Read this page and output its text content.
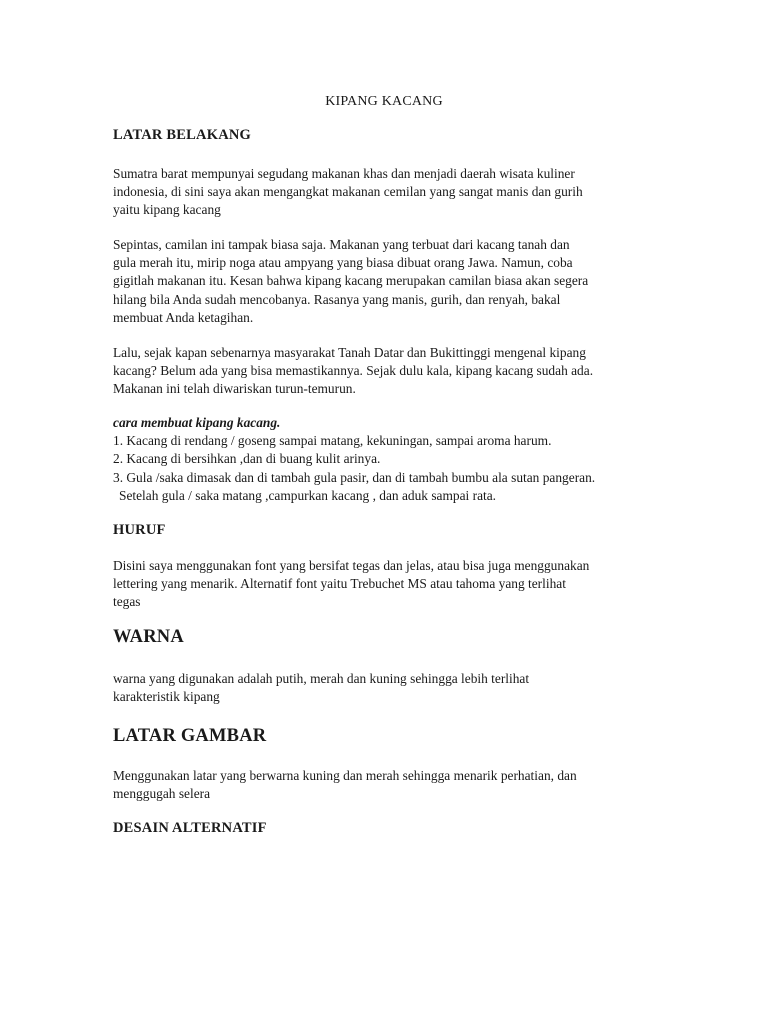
KIPANG KACANG
LATAR BELAKANG
Sumatra barat mempunyai segudang makanan khas dan menjadi daerah wisata kuliner
indonesia, di sini saya akan mengangkat makanan cemilan yang sangat manis dan gurih
yaitu kipang kacang
Sepintas, camilan ini tampak biasa saja. Makanan yang terbuat dari kacang tanah dan
gula merah itu, mirip noga atau ampyang yang biasa dibuat orang Jawa. Namun, coba
gigitlah makanan itu. Kesan bahwa kipang kacang merupakan camilan biasa akan segera
hilang bila Anda sudah mencobanya. Rasanya yang manis, gurih, dan renyah, bakal
membuat Anda ketagihan.
Lalu, sejak kapan sebenarnya masyarakat Tanah Datar dan Bukittinggi mengenal kipang
kacang? Belum ada yang bisa memastikannya. Sejak dulu kala, kipang kacang sudah ada.
Makanan ini telah diwariskan turun-temurun.
cara membuat kipang kacang.
1. Kacang di rendang / goseng sampai matang, kekuningan, sampai aroma harum.
2. Kacang di bersihkan ,dan di buang kulit arinya.
3. Gula /saka dimasak dan di tambah gula pasir, dan di tambah bumbu ala sutan pangeran.
Setelah gula / saka matang ,campurkan kacang , dan aduk sampai rata.
HURUF
Disini saya menggunakan font yang bersifat tegas dan jelas, atau bisa juga menggunakan
lettering yang menarik. Alternatif font yaitu Trebuchet MS atau tahoma yang terlihat
tegas
WARNA
warna yang digunakan adalah putih, merah dan kuning sehingga lebih terlihat
karakteristik kipang
LATAR GAMBAR
Menggunakan latar yang berwarna kuning dan merah sehingga menarik perhatian, dan
menggugah selera
DESAIN ALTERNATIF
